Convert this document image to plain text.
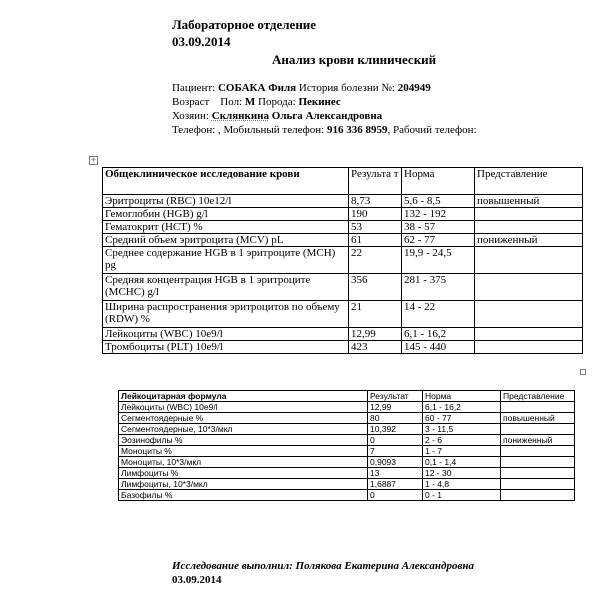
Лабораторное отделение
03.09.2014
Анализ крови клинический
Пациент: СОБАКА Филя История болезни №: 204949
Возраст Пол: М Порода: Пекинес
Хозяин: Склянкина Ольга Александровна
Телефон: , Мобильный телефон: 916 336 8959, Рабочий телефон:
+
Общеклиническое исследование крови	Результа т	Норма	Представление
Эритроциты (RBC) 10e12/l	8,73	5,6 - 8,5	повышенный
Гемоглобин (HGB) g/l	190	132 - 192	
Гематокрит (HCT) %	53	38 - 57	
Средний объем эритроцита (MCV) pL	61	62 - 77	пониженный
Среднее содержание HGB в 1 эритроците (MCH) pg	22	19,9 - 24,5	
Средняя концентрация HGB в 1 эритроците (MCHC) g/l	356	281 - 375	
Ширина распространения эритроцитов по объему (RDW) %	21	14 - 22	
Лейкоциты (WBC) 10e9/l	12,99	6,1 - 16,2	
Тромбоциты (PLT) 10e9/l	423	145 - 440	
Лейкоцитарная формула	Результат	Норма	Представление
Лейкоциты (WBC) 10e9/l	12,99	6,1 - 16,2	
Сегментоядерные %	80	60 - 77	повышенный
Сегментоядерные, 10*3/мкл	10,392	3 - 11,5	
Эозинофилы %	0	2 - 6	пониженный
Моноциты %	7	1 - 7	
Моноциты, 10*3/мкл	0,9093	0,1 - 1,4	
Лимфоциты %	13	12 - 30	
Лимфоциты, 10*3/мкл	1,6887	1 - 4,8	
Базофилы %	0	0 - 1	
Исследование выполнил: Полякова Екатерина Александровна
03.09.2014
